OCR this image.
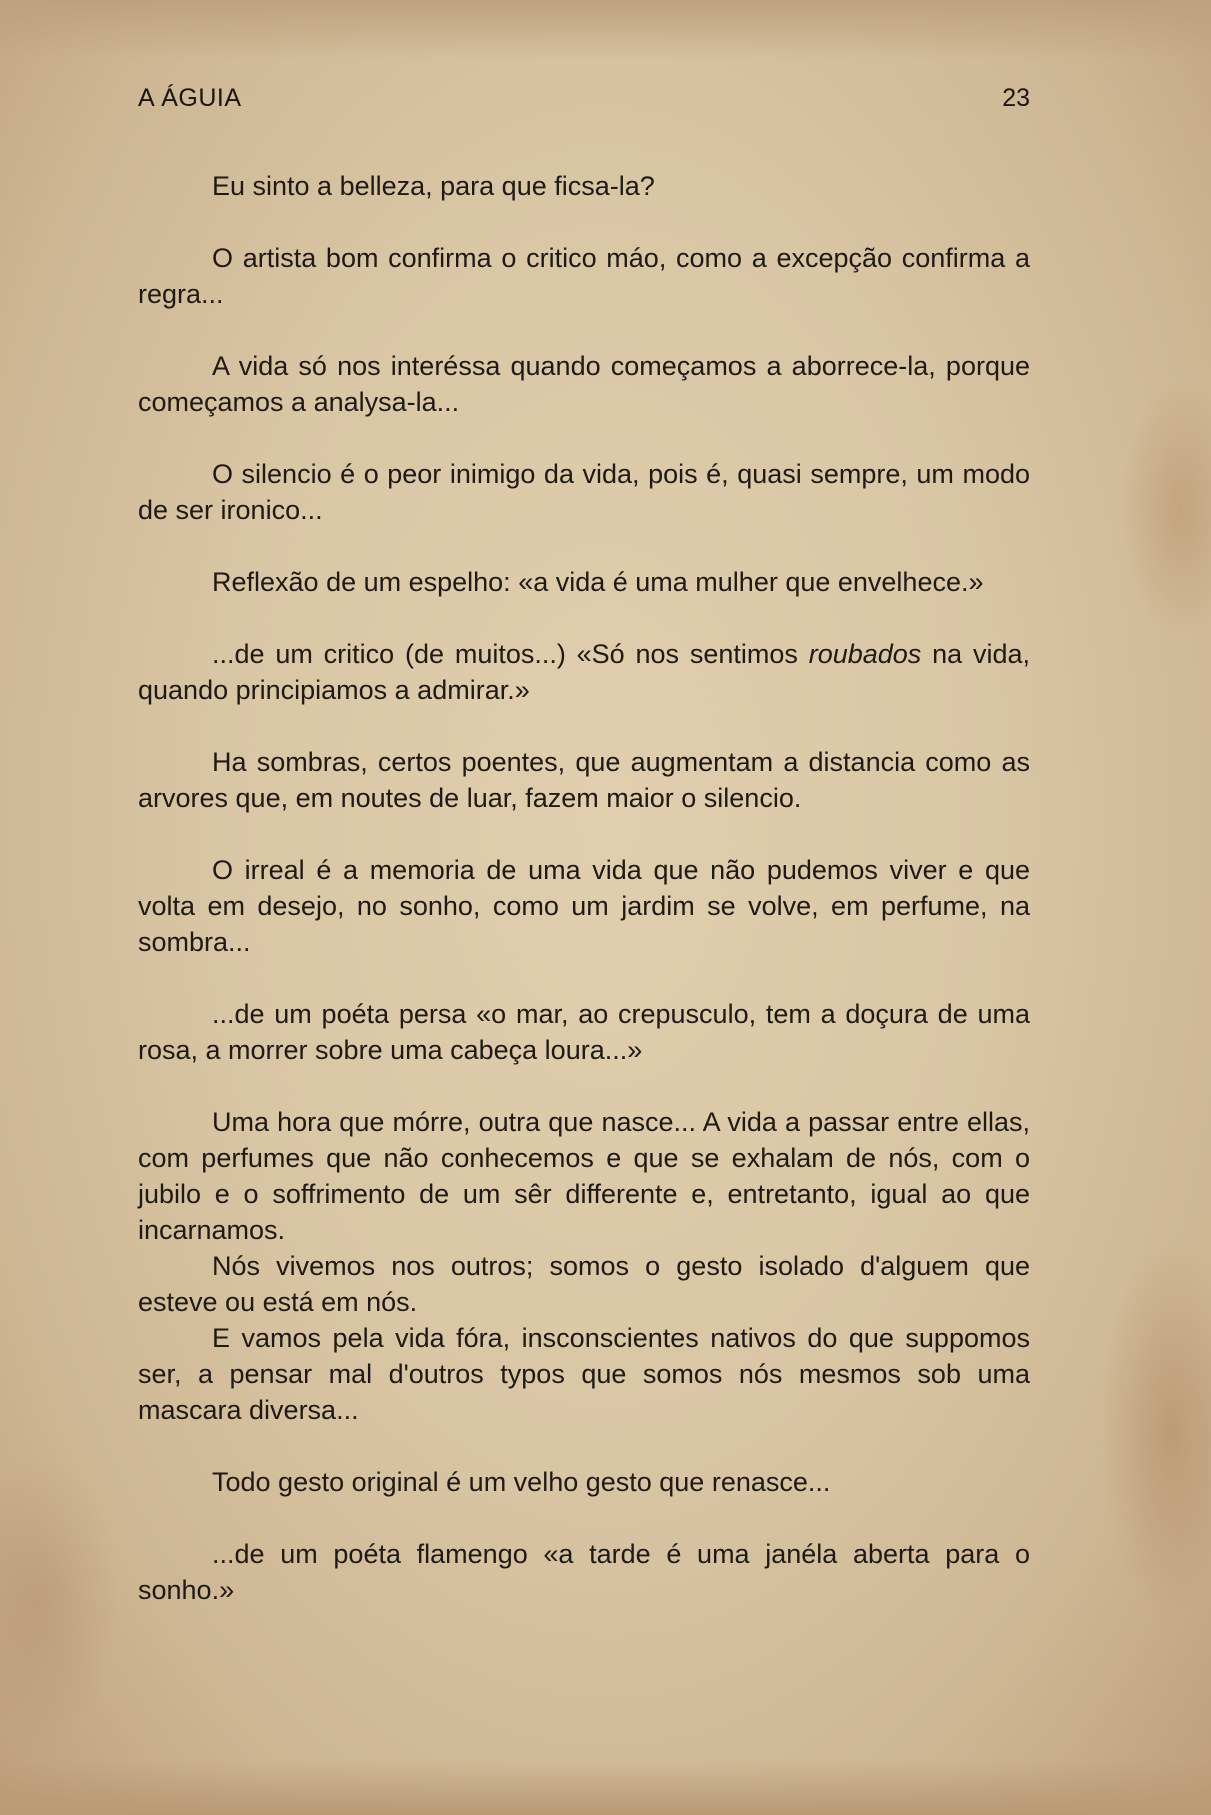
A ÁGUIA	23

Eu sinto a belleza, para que ficsa-la?

O artista bom confirma o critico máo, como a excepção confirma a regra...

A vida só nos interéssa quando começamos a aborrece-la, porque começamos a analysa-la...

O silencio é o peor inimigo da vida, pois é, quasi sempre, um modo de ser ironico...

Reflexão de um espelho: «a vida é uma mulher que envelhece.»

...de um critico (de muitos...) «Só nos sentimos roubados na vida, quando principiamos a admirar.»

Ha sombras, certos poentes, que augmentam a distancia como as arvores que, em noutes de luar, fazem maior o silencio.

O irreal é a memoria de uma vida que não pudemos viver e que volta em desejo, no sonho, como um jardim se volve, em perfume, na sombra...

...de um poéta persa «o mar, ao crepusculo, tem a doçura de uma rosa, a morrer sobre uma cabeça loura...»

Uma hora que mórre, outra que nasce... A vida a passar entre ellas, com perfumes que não conhecemos e que se exhalam de nós, com o jubilo e o soffrimento de um sêr differente e, entretanto, igual ao que incarnamos.

Nós vivemos nos outros; somos o gesto isolado d'alguem que esteve ou está em nós.

E vamos pela vida fóra, insconscientes nativos do que suppomos ser, a pensar mal d'outros typos que somos nós mesmos sob uma mascara diversa...

Todo gesto original é um velho gesto que renasce...

...de um poéta flamengo «a tarde é uma janéla aberta para o sonho.»
